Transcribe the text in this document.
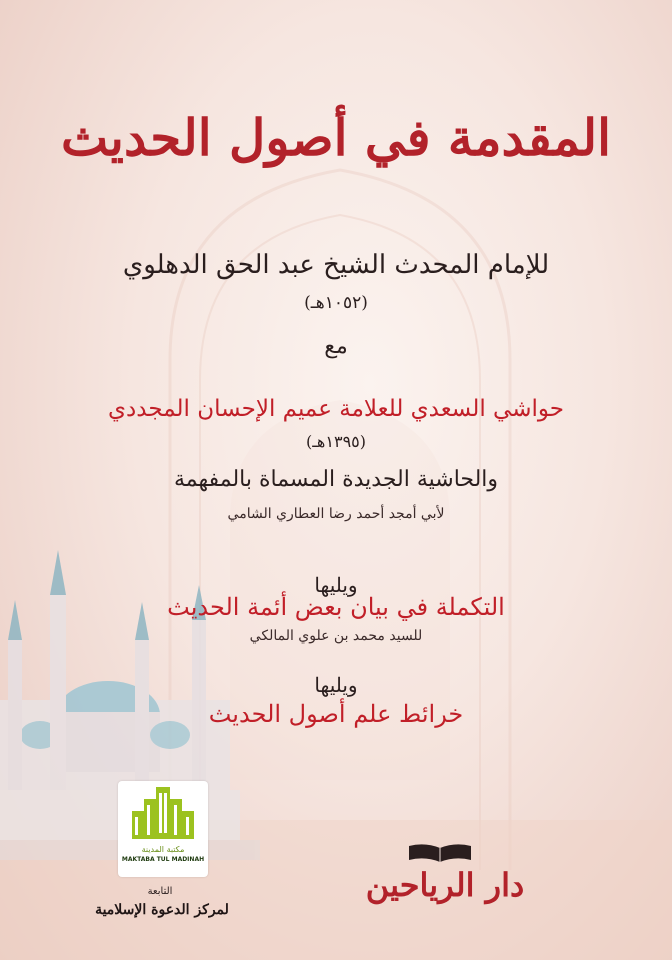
المقدمة في أصول الحديث
للإمام المحدث الشيخ عبد الحق الدهلوي
(١٠٥٢هـ)
مع
حواشي السعدي للعلامة عميم الإحسان المجددي
(١٣٩٥هـ)
والحاشية الجديدة المسماة بالمفهمة
لأبي أمجد أحمد رضا العطاري الشامي
ويليها
التكملة في بيان بعض أئمة الحديث
للسيد محمد بن علوي المالكي
ويليها
خرائط علم أصول الحديث
مكتبة المدينة
MAKTABA TUL MADINAH
التابعة
لمركز الدعوة الإسلامية
دار الرياحين
